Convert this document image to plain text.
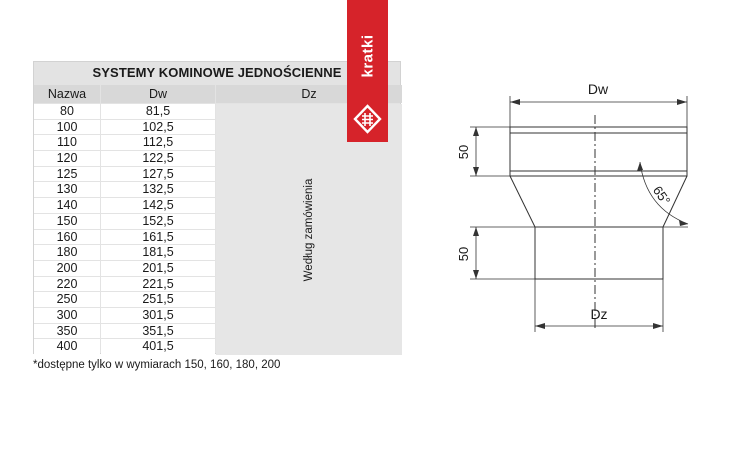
SYSTEMY KOMINOWE JEDNOŚCIENNE
Nazwa	Dw	Dz
80	81,5
100	102,5
110	112,5
120	122,5
125	127,5
130	132,5
140	142,5
150	152,5
160	161,5
180	181,5
200	201,5
220	221,5
250	251,5
300	301,5
350	351,5
400	401,5
Według zamówienia
kratki
*dostępne tylko w wymiarach 150, 160, 180, 200
Dw
Dz
50
50
65°
